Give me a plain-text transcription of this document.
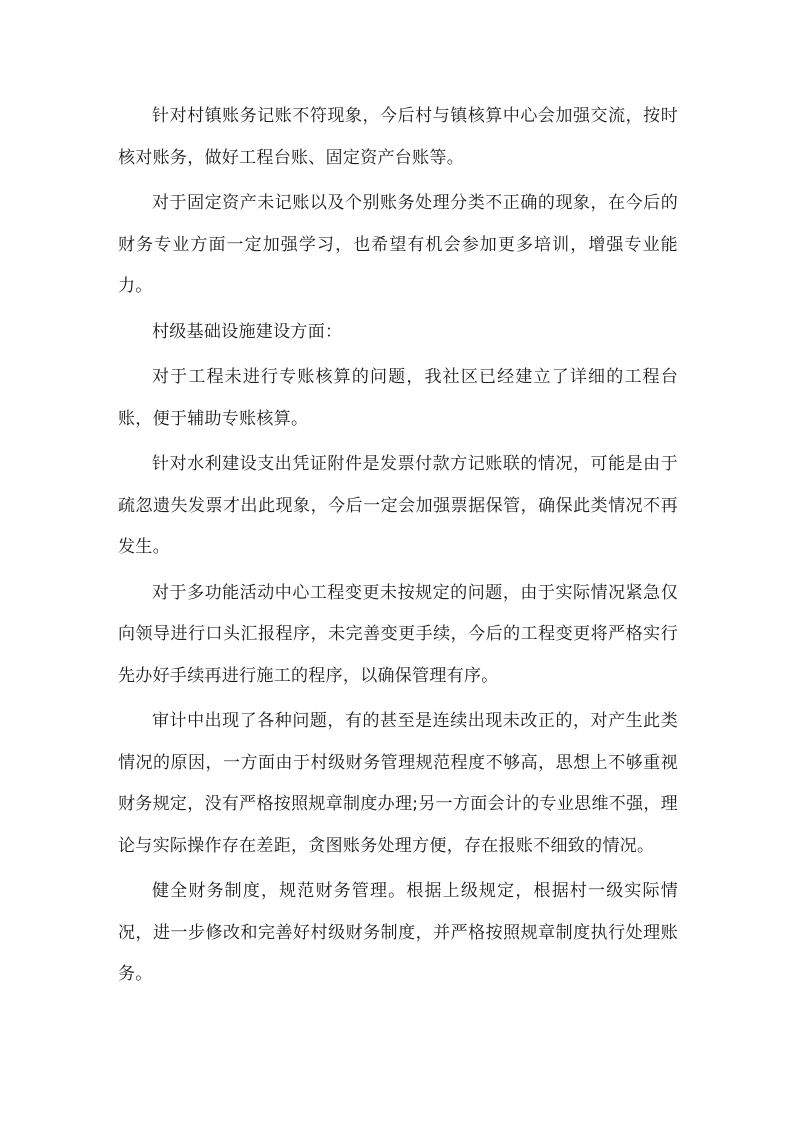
针对村镇账务记账不符现象，今后村与镇核算中心会加强交流，按时核对账务，做好工程台账、固定资产台账等。

对于固定资产未记账以及个别账务处理分类不正确的现象，在今后的财务专业方面一定加强学习，也希望有机会参加更多培训，增强专业能力。

村级基础设施建设方面：

对于工程未进行专账核算的问题，我社区已经建立了详细的工程台账，便于辅助专账核算。

针对水利建设支出凭证附件是发票付款方记账联的情况，可能是由于疏忽遗失发票才出此现象，今后一定会加强票据保管，确保此类情况不再发生。

对于多功能活动中心工程变更未按规定的问题，由于实际情况紧急仅向领导进行口头汇报程序，未完善变更手续，今后的工程变更将严格实行先办好手续再进行施工的程序，以确保管理有序。

审计中出现了各种问题，有的甚至是连续出现未改正的，对产生此类情况的原因，一方面由于村级财务管理规范程度不够高，思想上不够重视财务规定，没有严格按照规章制度办理;另一方面会计的专业思维不强，理论与实际操作存在差距，贪图账务处理方便，存在报账不细致的情况。

健全财务制度，规范财务管理。根据上级规定，根据村一级实际情况，进一步修改和完善好村级财务制度，并严格按照规章制度执行处理账务。
